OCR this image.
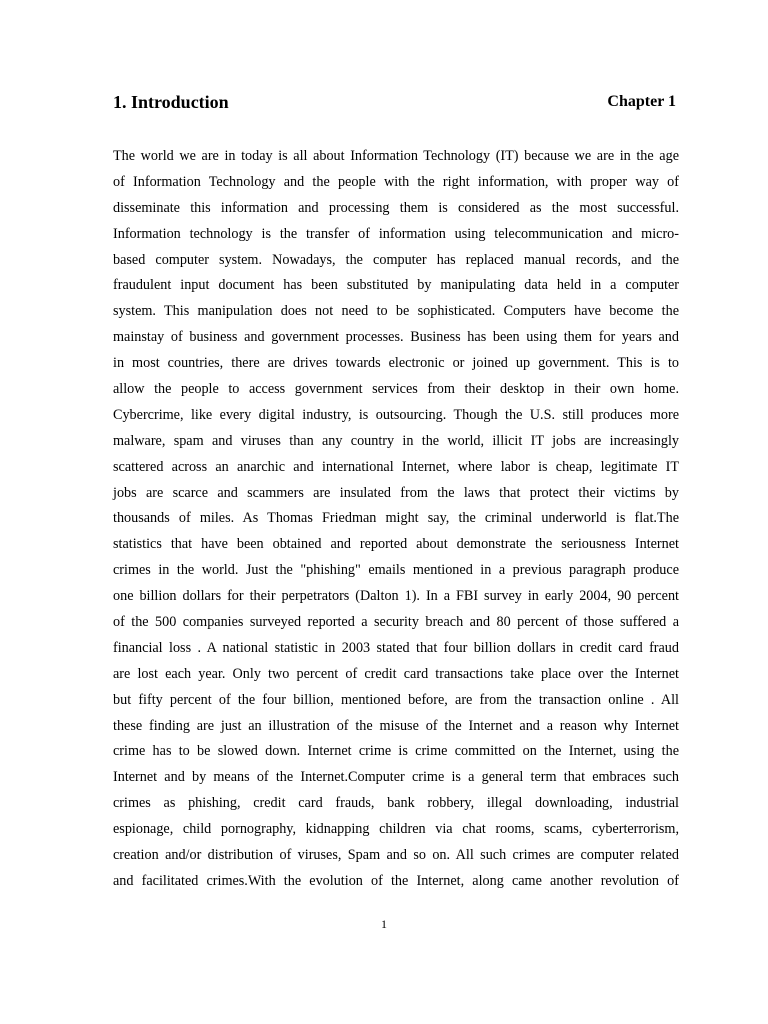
1. Introduction	Chapter 1
The world we are in today is all about Information Technology (IT) because we are in the age
of Information Technology and the people with the right information, with proper way of
disseminate this information and processing them is considered as the most successful.
Information technology is the transfer of information using telecommunication and micro-
based computer system. Nowadays, the computer has replaced manual records, and the
fraudulent input document has been substituted by manipulating data held in a computer
system. This manipulation does not need to be sophisticated. Computers have become the
mainstay of business and government processes. Business has been using them for years and
in most countries, there are drives towards electronic or joined up government. This is to
allow the people to access government services from their desktop in their own home.
Cybercrime, like every digital industry, is outsourcing. Though the U.S. still produces more
malware, spam and viruses than any country in the world, illicit IT jobs are increasingly
scattered across an anarchic and international Internet, where labor is cheap, legitimate IT
jobs are scarce and scammers are insulated from the laws that protect their victims by
thousands of miles. As Thomas Friedman might say, the criminal underworld is flat.The
statistics that have been obtained and reported about demonstrate the seriousness Internet
crimes in the world. Just the "phishing" emails mentioned in a previous paragraph produce
one billion dollars for their perpetrators (Dalton 1). In a FBI survey in early 2004, 90 percent
of the 500 companies surveyed reported a security breach and 80 percent of those suffered a
financial loss . A national statistic in 2003 stated that four billion dollars in credit card fraud
are lost each year. Only two percent of credit card transactions take place over the Internet
but fifty percent of the four billion, mentioned before, are from the transaction online . All
these finding are just an illustration of the misuse of the Internet and a reason why Internet
crime has to be slowed down. Internet crime is crime committed on the Internet, using the
Internet and by means of the Internet.Computer crime is a general term that embraces such
crimes as phishing, credit card frauds, bank robbery, illegal downloading, industrial
espionage, child pornography, kidnapping children via chat rooms, scams, cyberterrorism,
creation and/or distribution of viruses, Spam and so on. All such crimes are computer related
and facilitated crimes.With the evolution of the Internet, along came another revolution of
1
